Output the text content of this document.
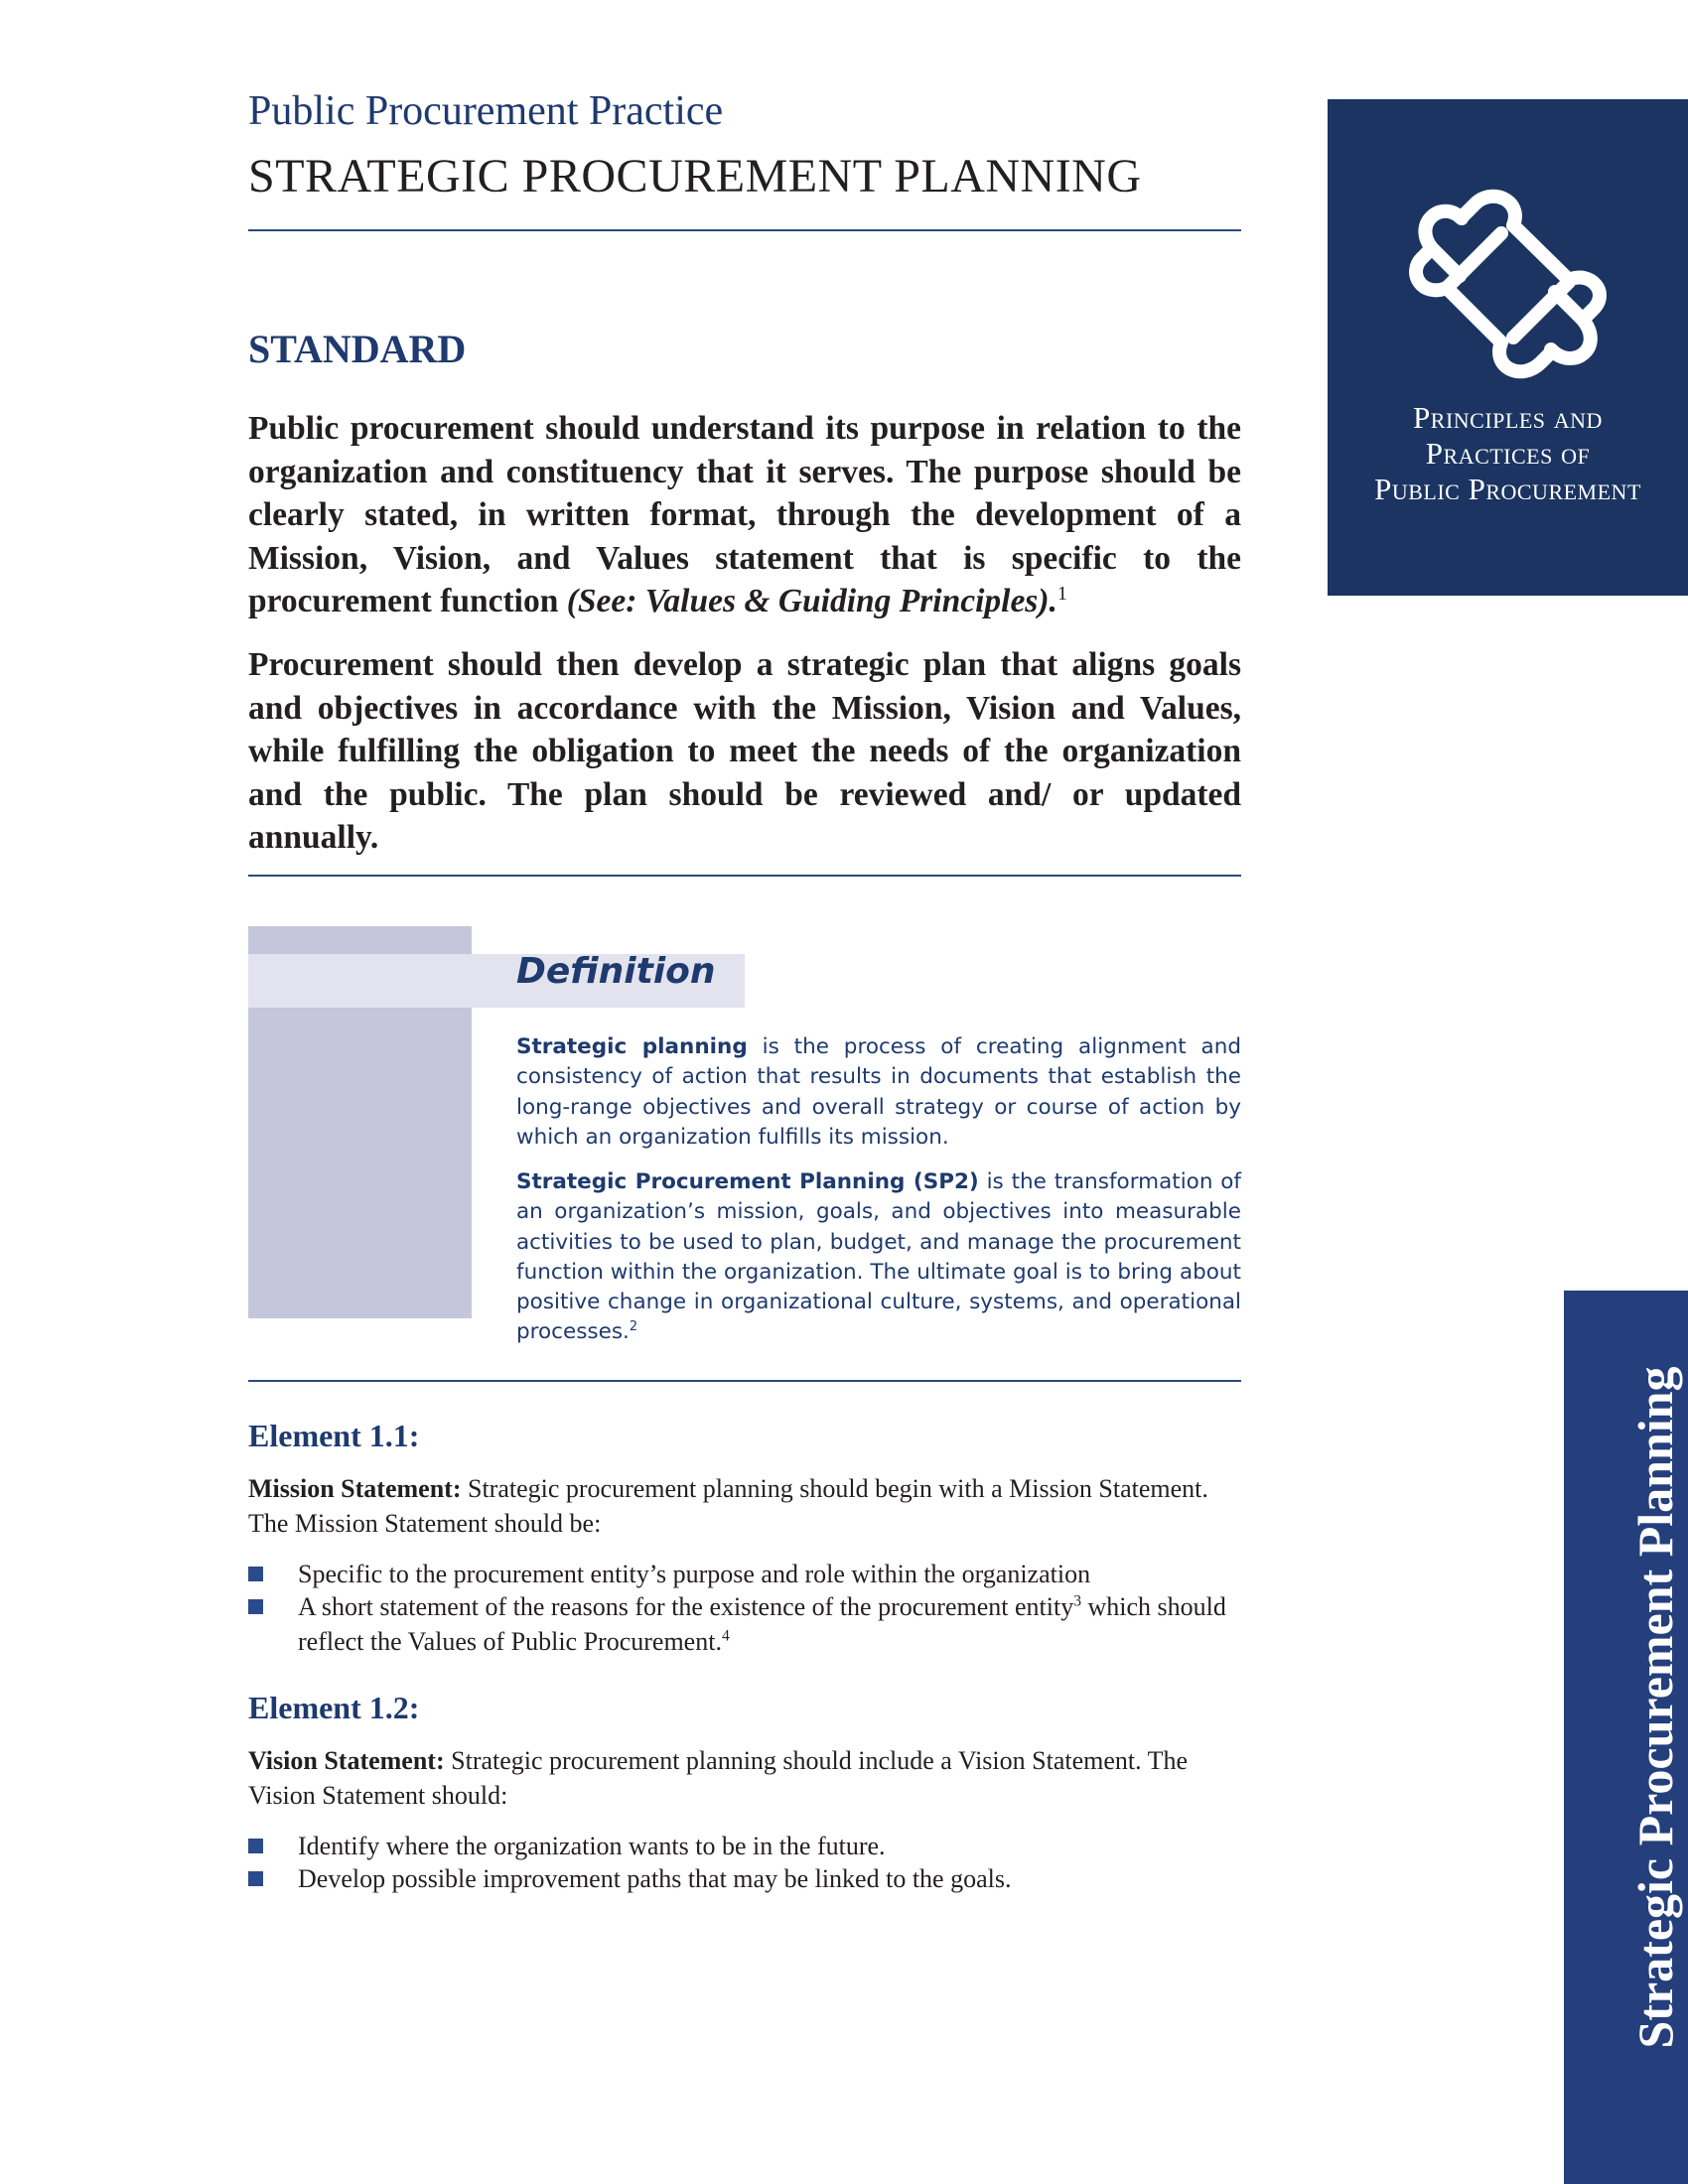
Public Procurement Practice
STRATEGIC PROCUREMENT PLANNING
Principles and
Practices of
Public Procurement
STANDARD
Public procurement should understand its purpose in relation to the organization and constituency that it serves. The purpose should be clearly stated, in written format, through the development of a Mission, Vision, and Values statement that is specific to the procurement function (See: Values & Guiding Principles).$^1$
Procurement should then develop a strategic plan that aligns goals and objectives in accordance with the Mission, Vision and Values, while fulfilling the obligation to meet the needs of the organization and the public. The plan should be reviewed and/ or updated annually.
Definition
Strategic planning is the process of creating alignment and consistency of action that results in documents that establish the long-range objectives and overall strategy or course of action by which an organization fulfills its mission.
Strategic Procurement Planning (SP2) is the transformation of an organization’s mission, goals, and objectives into measurable activities to be used to plan, budget, and manage the procurement function within the organization. The ultimate goal is to bring about positive change in organizational culture, systems, and operational processes.$^2$
Element 1.1:
Mission Statement: Strategic procurement planning should begin with a Mission Statement. The Mission Statement should be:
Specific to the procurement entity’s purpose and role within the organization
A short statement of the reasons for the existence of the procurement entity$^3$ which should reflect the Values of Public Procurement.$^4$
Element 1.2:
Vision Statement: Strategic procurement planning should include a Vision Statement. The Vision Statement should:
Identify where the organization wants to be in the future.
Develop possible improvement paths that may be linked to the goals.	Strategic Procurement Planning
